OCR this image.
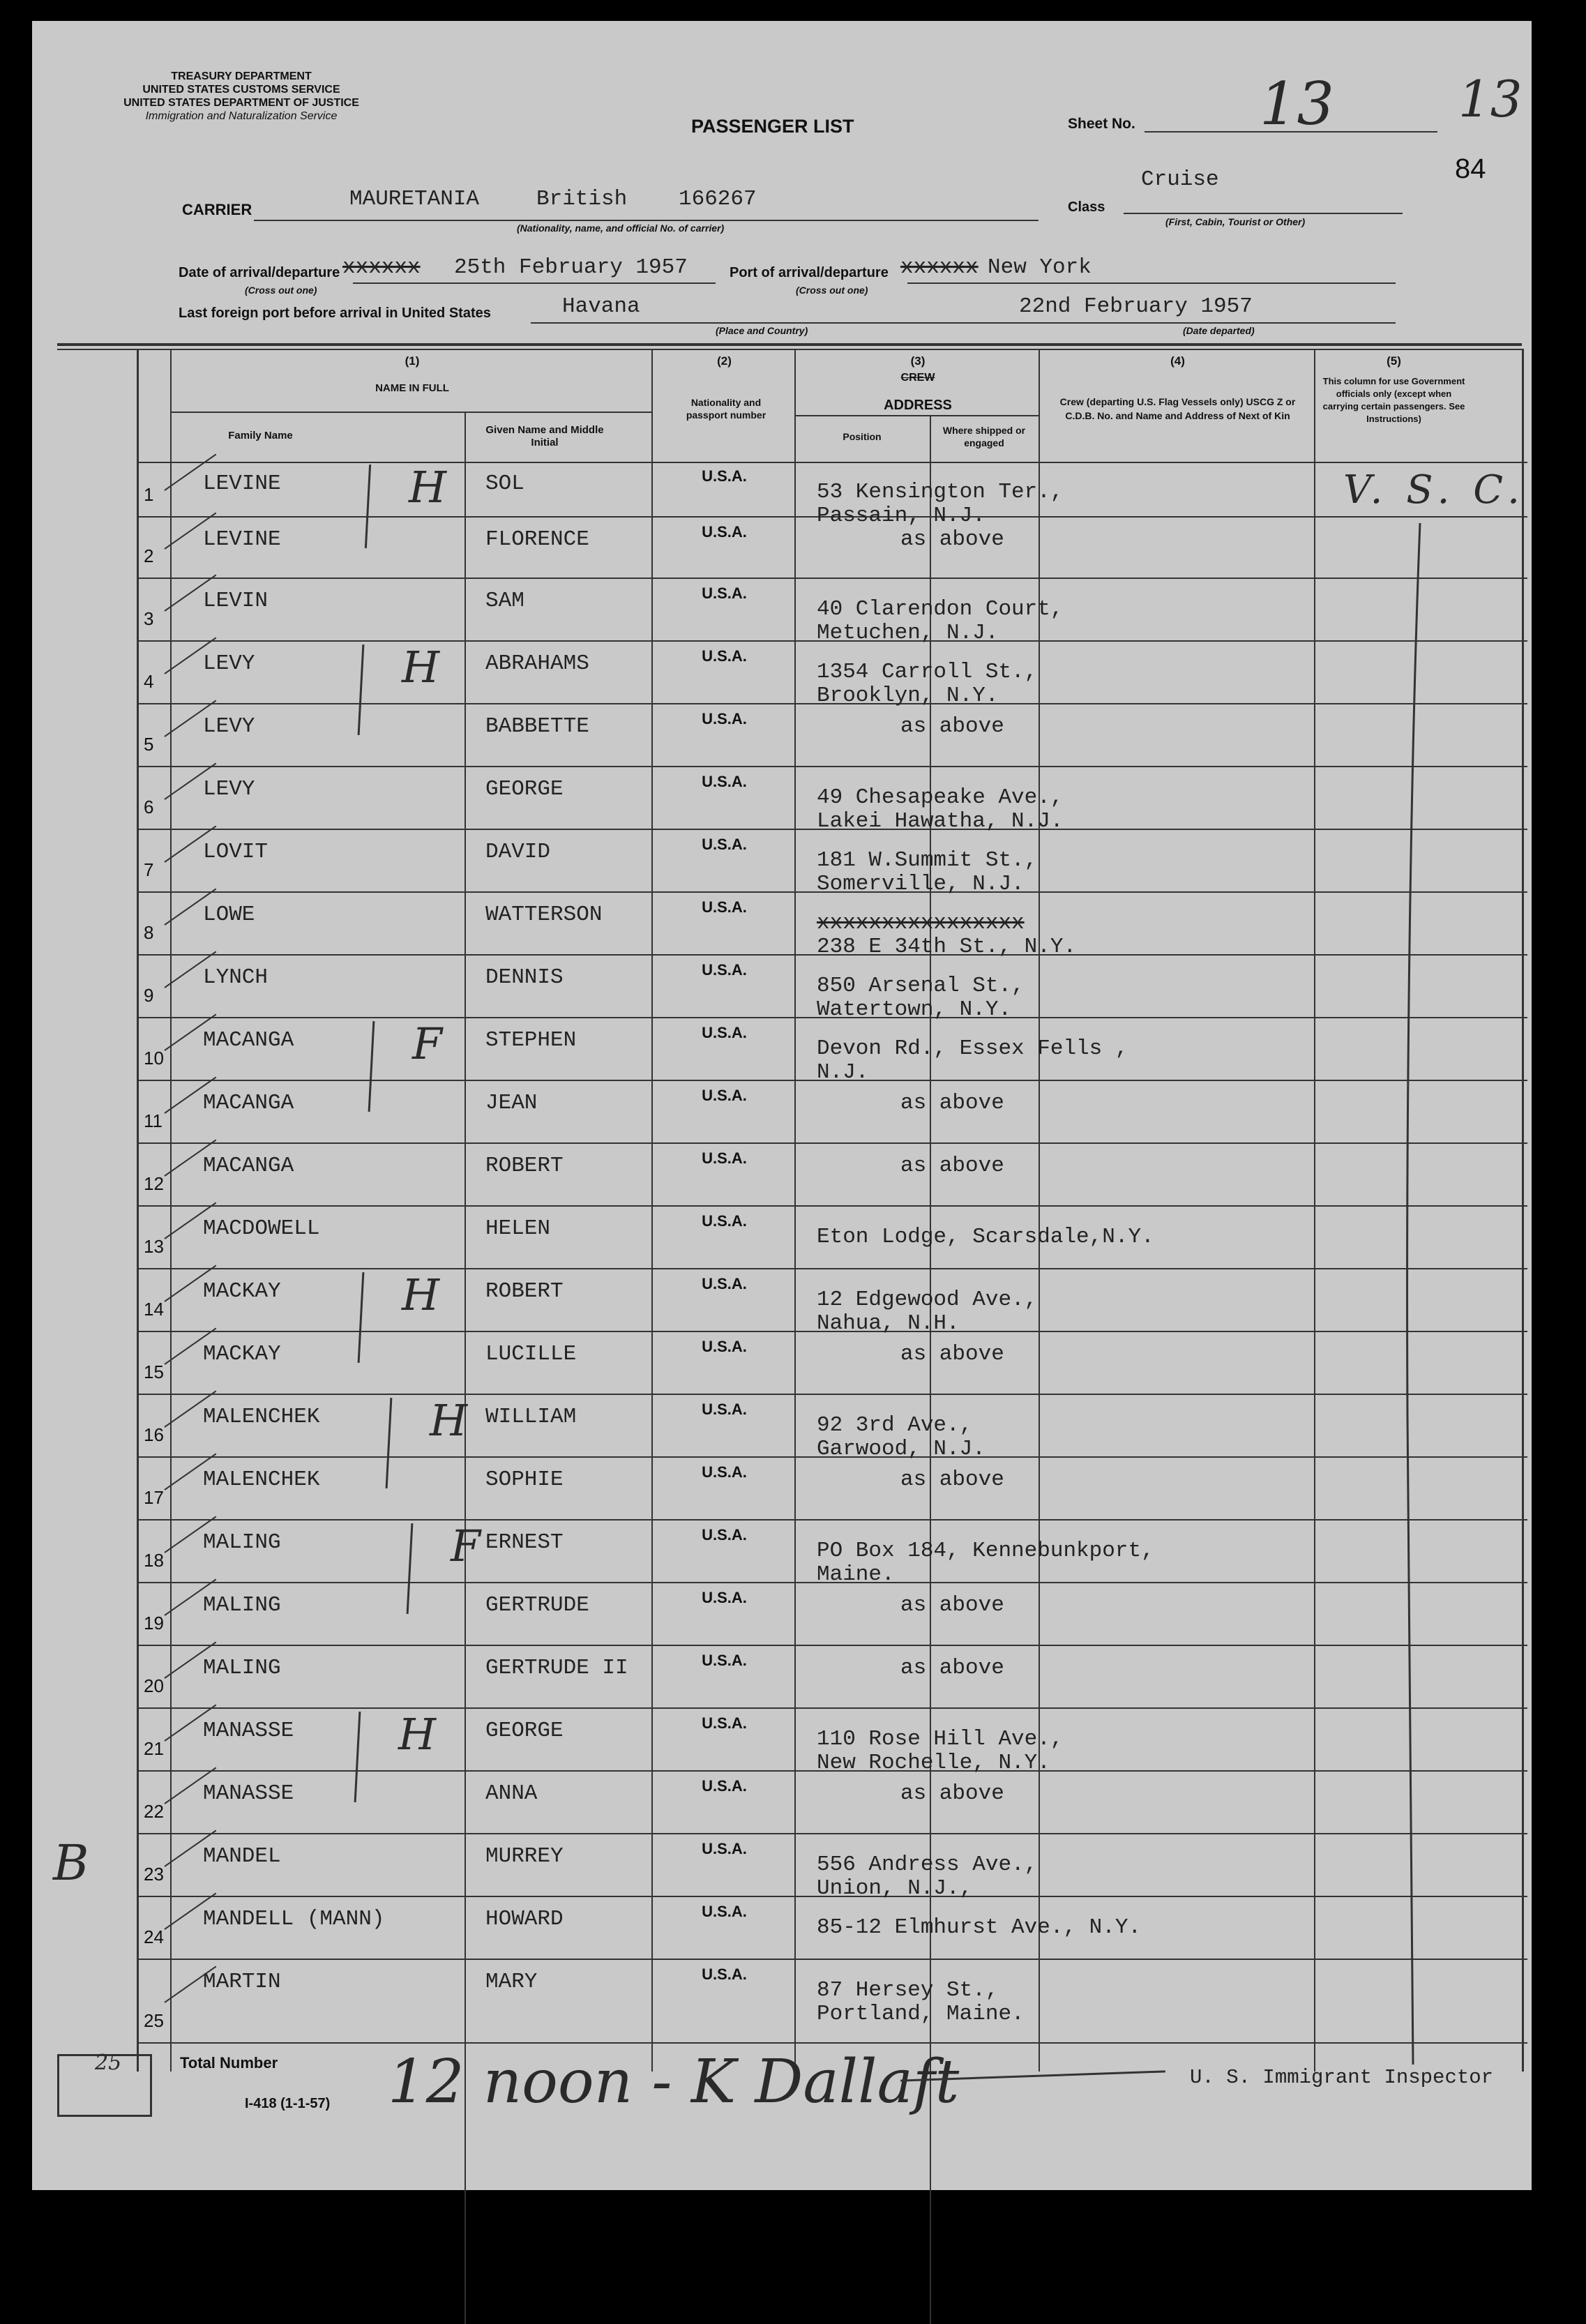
TREASURY DEPARTMENT
UNITED STATES CUSTOMS SERVICE
UNITED STATES DEPARTMENT OF JUSTICE
Immigration and Naturalization Service	PASSENGER LIST	Sheet No. 13 13
CARRIER	MAURETANIA	British 166267
(Nationality, name, and official No. of carrier)
Class
Cruise
(First, Cabin, Tourist or Other)
84
Date of arrival/departure
(Cross out one)
xxxxxx 25th February 1957	Port of arrival/departure
(Cross out one)
xxxxxx New York
Last foreign port before arrival in United States	Havana
(Place and Country)
22nd February 1957
(Date departed)
(1)
NAME IN FULL
Family Name	Given Name and Middle Initial
(2)
Nationality and passport number
(3)
CREW
ADDRESS
Position
Where shipped or engaged
(4)
Crew (departing U.S. Flag Vessels only) USCG Z or C.D.B. No. and Name and Address of Next of Kin
(5)
This column for use Government officials only (except when carrying certain passengers. See Instructions)
1 LEVINE	SOL	U.S.A.
53 Kensington Ter.,
Passain, N.J.
H
2
LEVINE	FLORENCE	U.S.A.	as above
3
LEVIN	SAM	U.S.A.
40 Clarendon Court,
Metuchen, N.J.
4
LEVY	ABRAHAMS	U.S.A.
1354 Carroll St.,
Brooklyn, N.Y.
H
5
LEVY	BABBETTE	U.S.A.	as above
6
LEVY	GEORGE	U.S.A.
49 Chesapeake Ave.,
Lakei Hawatha, N.J.
7
LOVIT	DAVID	U.S.A.
181 W.Summit St.,
Somerville, N.J.
8
LOWE	WATTERSON	U.S.A.
xxxxxxxxxxxxxxxx
238 E 34th St., N.Y.
9
LYNCH	DENNIS	U.S.A.
850 Arsenal St.,
Watertown, N.Y.
10
MACANGA	STEPHEN	U.S.A.
Devon Rd., Essex Fells ,
N.J.
F
11
MACANGA	JEAN	U.S.A.	as above
12
MACANGA	ROBERT	U.S.A.	as above
13
MACDOWELL	HELEN	U.S.A.
Eton Lodge, Scarsdale,N.Y.
14
MACKAY	ROBERT	U.S.A.
12 Edgewood Ave.,
Nahua, N.H.
H
15
MACKAY	LUCILLE	U.S.A.	as above
16
MALENCHEK	WILLIAM	U.S.A.
92 3rd Ave.,
Garwood, N.J.
H
17
MALENCHEK	SOPHIE	U.S.A.	as above
18
MALING	ERNEST	U.S.A.
PO Box 184, Kennebunkport,
Maine.
F
19
MALING	GERTRUDE	U.S.A.	as above
20
MALING	GERTRUDE II	U.S.A.	as above
21
MANASSE	GEORGE	U.S.A.
110 Rose Hill Ave.,
New Rochelle, N.Y.
H
22
MANASSE	ANNA	U.S.A.	as above
23
MANDEL	MURREY	U.S.A.
556 Andress Ave.,
Union, N.J.,
24
MANDELL (MANN)	HOWARD	U.S.A.
85-12 Elmhurst Ave., N.Y.
25
MARTIN	MARY	U.S.A.
87 Hersey St.,
Portland, Maine.
V. S. C.
B
25	Total Number
I-418 (1-1-57) 12 noon - K Dallaft	U. S. Immigrant Inspector
